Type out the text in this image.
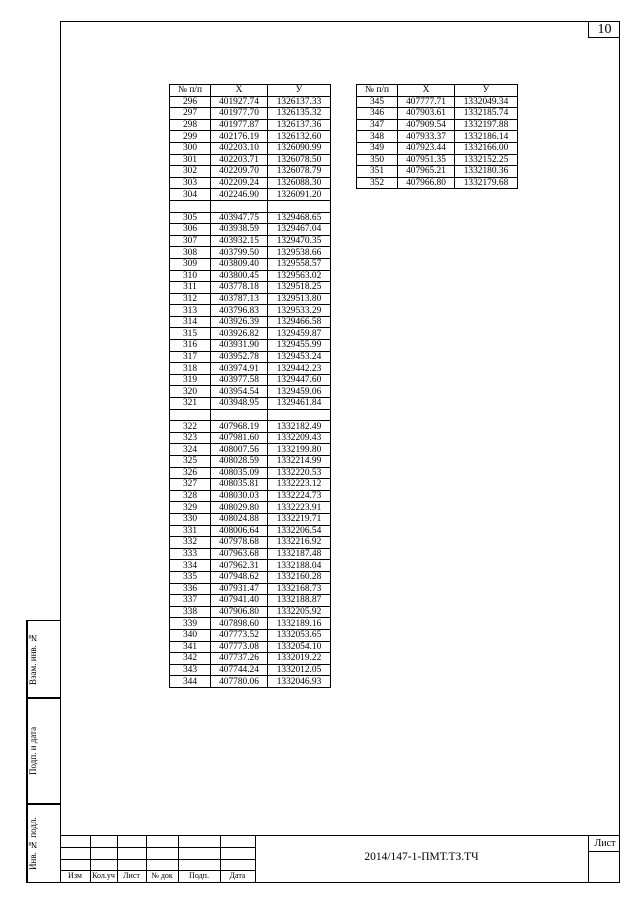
10
№ п/п	X	У
296	401927.74	1326137.33
297	401977.70	1326135.32
298	401977.87	1326137.36
299	402176.19	1326132.60
300	402203.10	1326090.99
301	402203.71	1326078.50
302	402209.70	1326078.79
303	402209.24	1326088.30
304	402246.90	1326091.20

305	403947.75	1329468.65
306	403938.59	1329467.04
307	403932.15	1329470.35
308	403799.50	1329538.66
309	403809.40	1329558.57
310	403800.45	1329563.02
311	403778.18	1329518.25
312	403787.13	1329513.80
313	403796.83	1329533.29
314	403926.39	1329466.58
315	403926.82	1329459.87
316	403931.90	1329455.99
317	403952.78	1329453.24
318	403974.91	1329442.23
319	403977.58	1329447.60
320	403954.54	1329459.06
321	403948.95	1329461.84

322	407968.19	1332182.49
323	407981.60	1332209.43
324	408007.56	1332199.80
325	408028.59	1332214.99
326	408035.09	1332220.53
327	408035.81	1332223.12
328	408030.03	1332224.73
329	408029.80	1332223.91
330	408024.88	1332219.71
331	408006.64	1332206.54
332	407978.68	1332216.92
333	407963.68	1332187.48
334	407962.31	1332188.04
335	407948.62	1332160.28
336	407931.47	1332168.73
337	407941.40	1332188.87
338	407906.80	1332205.92
339	407898.60	1332189.16
340	407773.52	1332053.65
341	407773.08	1332054.10
342	407737.26	1332019.22
343	407744.24	1332012.05
344	407780.06	1332046.93
№ п/п	X	У
345	407777.71	1332049.34
346	407903.61	1332185.74
347	407909.54	1332197.88
348	407933.37	1332186.14
349	407923.44	1332166.00
350	407951.35	1332152.25
351	407965.21	1332180.36
352	407966.80	1332179.68
Взам. инв. №
Подп. и дата
Инв. № подл.
Изм	Кол.уч	Лист	№ док	Подп.	Дата
2014/147-1-ПМТ.ТЗ.ТЧ
Лист
